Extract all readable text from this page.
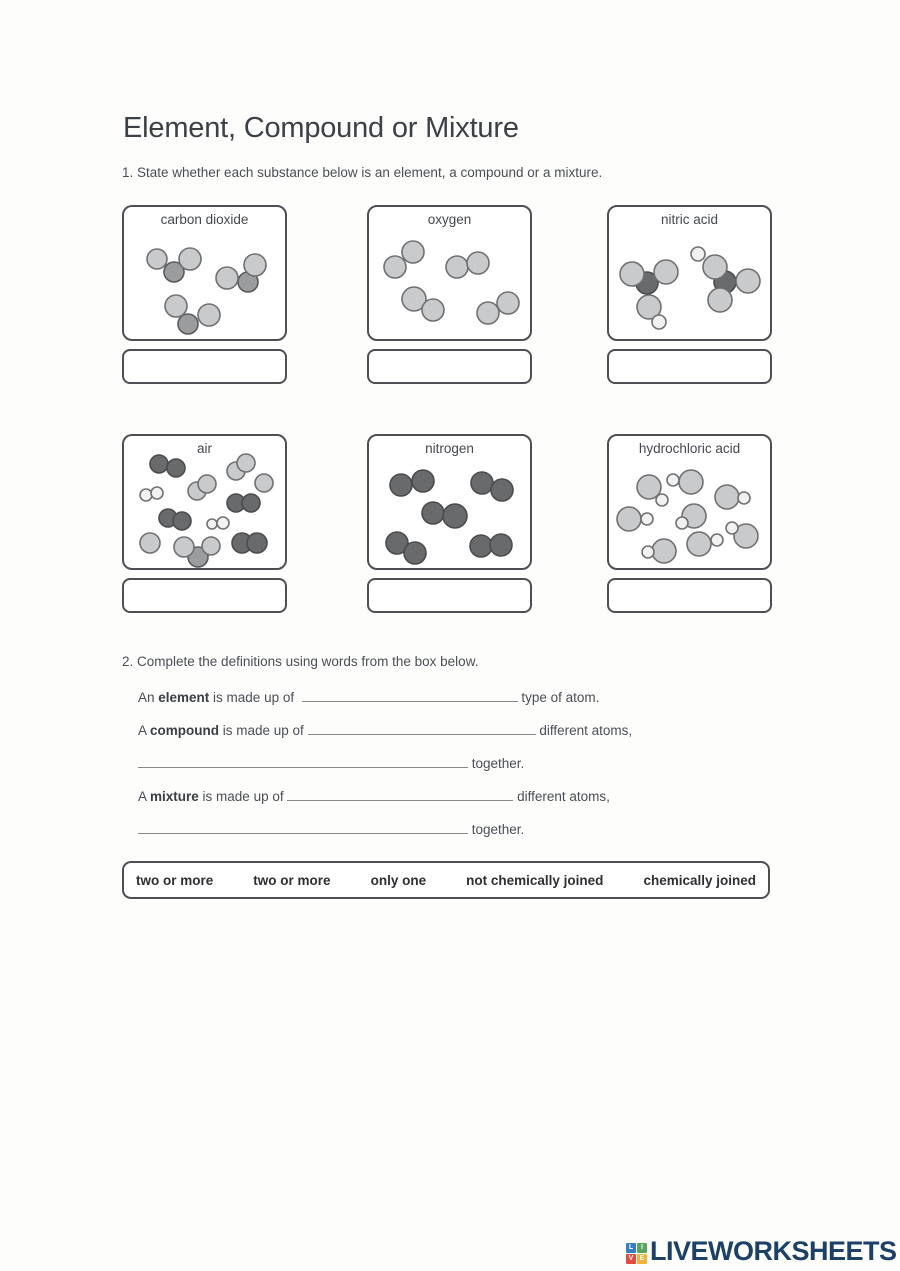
Element, Compound or Mixture

1. State whether each substance below is an element, a compound or a mixture.

carbon dioxide	oxygen	nitric acid
air	nitrogen	hydrochloric acid

2. Complete the definitions using words from the box below.

An element is made up of	type of atom.
A compound is made up of	different atoms,
together.
A mixture is made up of	different atoms,
together.
two or more	two or more	only one	not chemically joined	chemically joined
L	I
V E LIVEWORKSHEETS
